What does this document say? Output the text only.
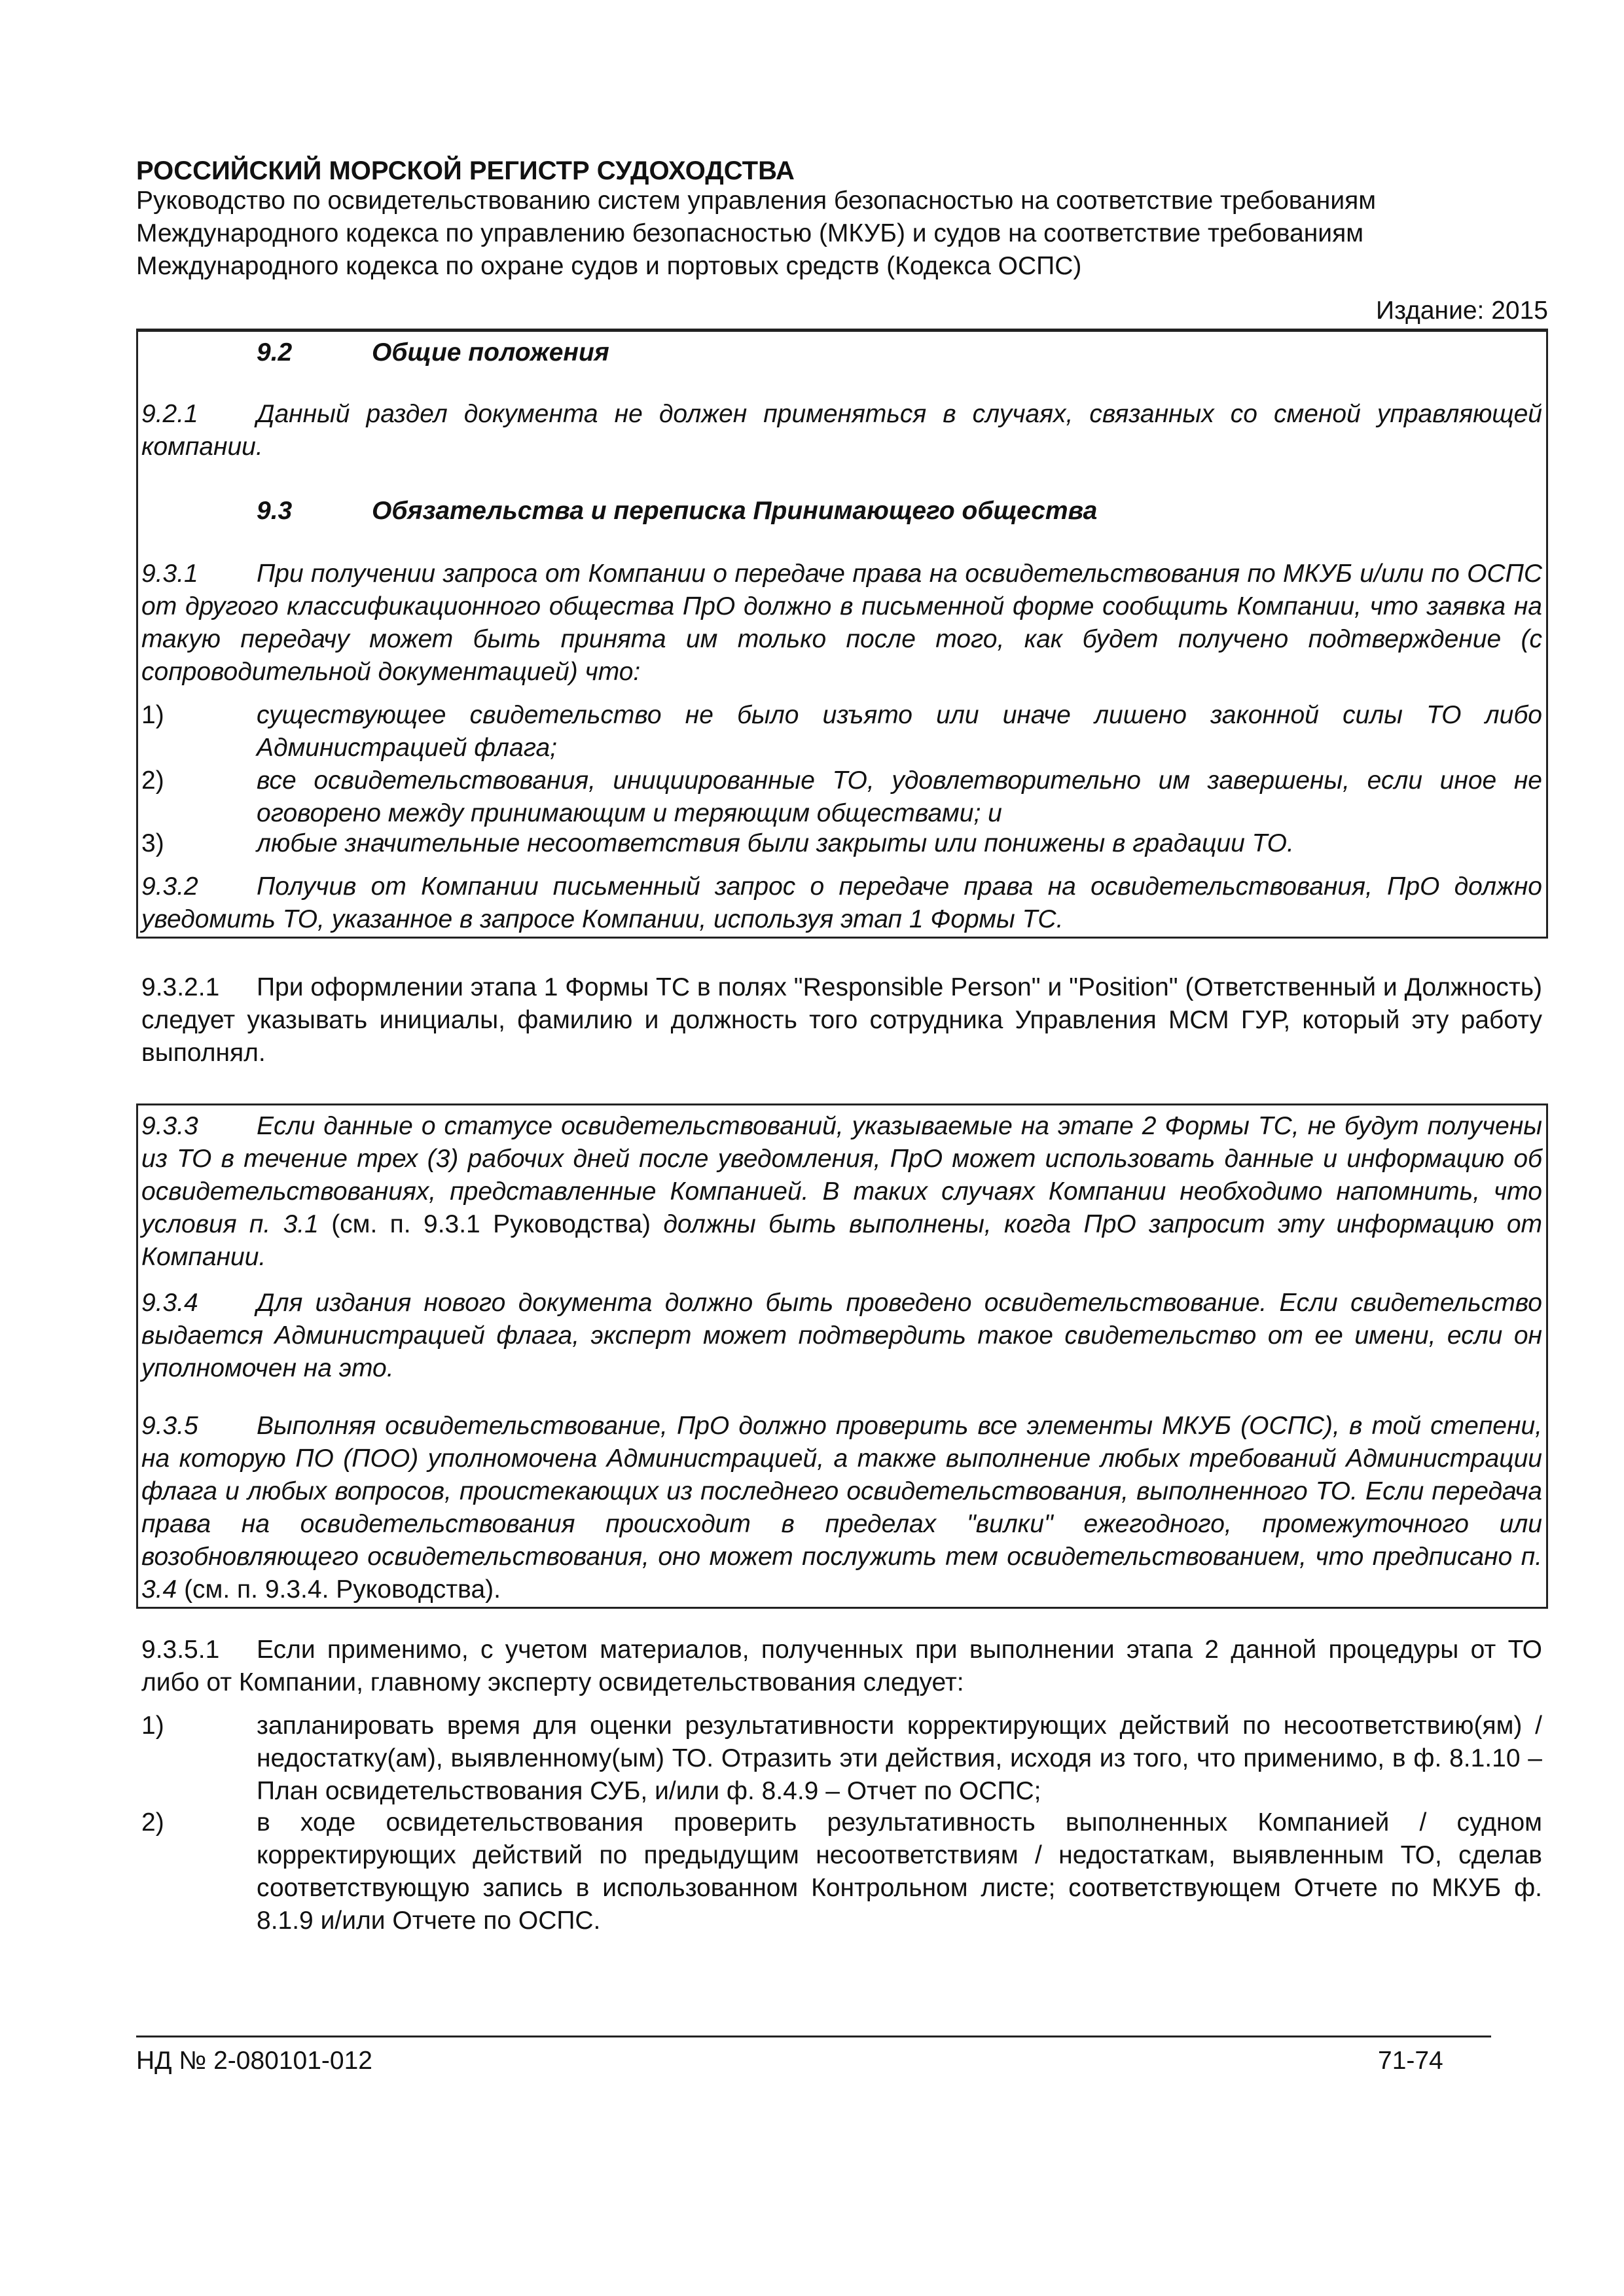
РОССИЙСКИЙ МОРСКОЙ РЕГИСТР СУДОХОДСТВА
Руководство по освидетельствованию систем управления безопасностью на соответствие требованиям Международного кодекса по управлению безопасностью (МКУБ) и судов на соответствие требованиям Международного кодекса по охране судов и портовых средств (Кодекса ОСПС)
Издание: 2015
9.2	Общие положения
9.2.1 Данный раздел документа не должен применяться в случаях, связанных со сменой управляющей компании.
9.3	Обязательства и переписка Принимающего общества
9.3.1 При получении запроса от Компании о передаче права на освидетельствования по МКУБ и/или по ОСПС от другого классификационного общества ПрО должно в письменной форме сообщить Компании, что заявка на такую передачу может быть принята им только после того, как будет получено подтверждение (с сопроводительной документацией) что:
1)	существующее свидетельство не было изъято или иначе лишено законной силы ТО либо Администрацией флага;
2)	все освидетельствования, инициированные ТО, удовлетворительно им завершены, если иное не оговорено между принимающим и теряющим обществами; и
3)	любые значительные несоответствия были закрыты или понижены в градации ТО.
9.3.2 Получив от Компании письменный запрос о передаче права на освидетельствования, ПрО должно уведомить ТО, указанное в запросе Компании, используя этап 1 Формы ТС.
9.3.2.1 При оформлении этапа 1 Формы ТС в полях "Responsible Person" и "Position" (Ответственный и Должность) следует указывать инициалы, фамилию и должность того сотрудника Управления МСМ ГУР, который эту работу выполнял.
9.3.3 Если данные о статусе освидетельствований, указываемые на этапе 2 Формы ТС, не будут получены из ТО в течение трех (3) рабочих дней после уведомления, ПрО может использовать данные и информацию об освидетельствованиях, представленные Компанией. В таких случаях Компании необходимо напомнить, что условия п. 3.1 (см. п. 9.3.1 Руководства) должны быть выполнены, когда ПрО запросит эту информацию от Компании.
9.3.4 Для издания нового документа должно быть проведено освидетельствование. Если свидетельство выдается Администрацией флага, эксперт может подтвердить такое свидетельство от ее имени, если он уполномочен на это.
9.3.5 Выполняя освидетельствование, ПрО должно проверить все элементы МКУБ (ОСПС), в той степени, на которую ПО (ПОО) уполномочена Администрацией, а также выполнение любых требований Администрации флага и любых вопросов, проистекающих из последнего освидетельствования, выполненного ТО. Если передача права на освидетельствования происходит в пределах "вилки" ежегодного, промежуточного или возобновляющего освидетельствования, оно может послужить тем освидетельствованием, что предписано п. 3.4 (см. п. 9.3.4. Руководства).
9.3.5.1 Если применимо, с учетом материалов, полученных при выполнении этапа 2 данной процедуры от ТО либо от Компании, главному эксперту освидетельствования следует:
1)	запланировать время для оценки результативности корректирующих действий по несоответствию(ям) / недостатку(ам), выявленному(ым) ТО. Отразить эти действия, исходя из того, что применимо, в ф. 8.1.10 – План освидетельствования СУБ, и/или ф. 8.4.9 – Отчет по ОСПС;
2)	в ходе освидетельствования проверить результативность выполненных Компанией / судном корректирующих действий по предыдущим несоответствиям / недостаткам, выявленным ТО, сделав соответствующую запись в использованном Контрольном листе; соответствующем Отчете по МКУБ ф. 8.1.9 и/или Отчете по ОСПС.
НД № 2-080101-012	71-74
